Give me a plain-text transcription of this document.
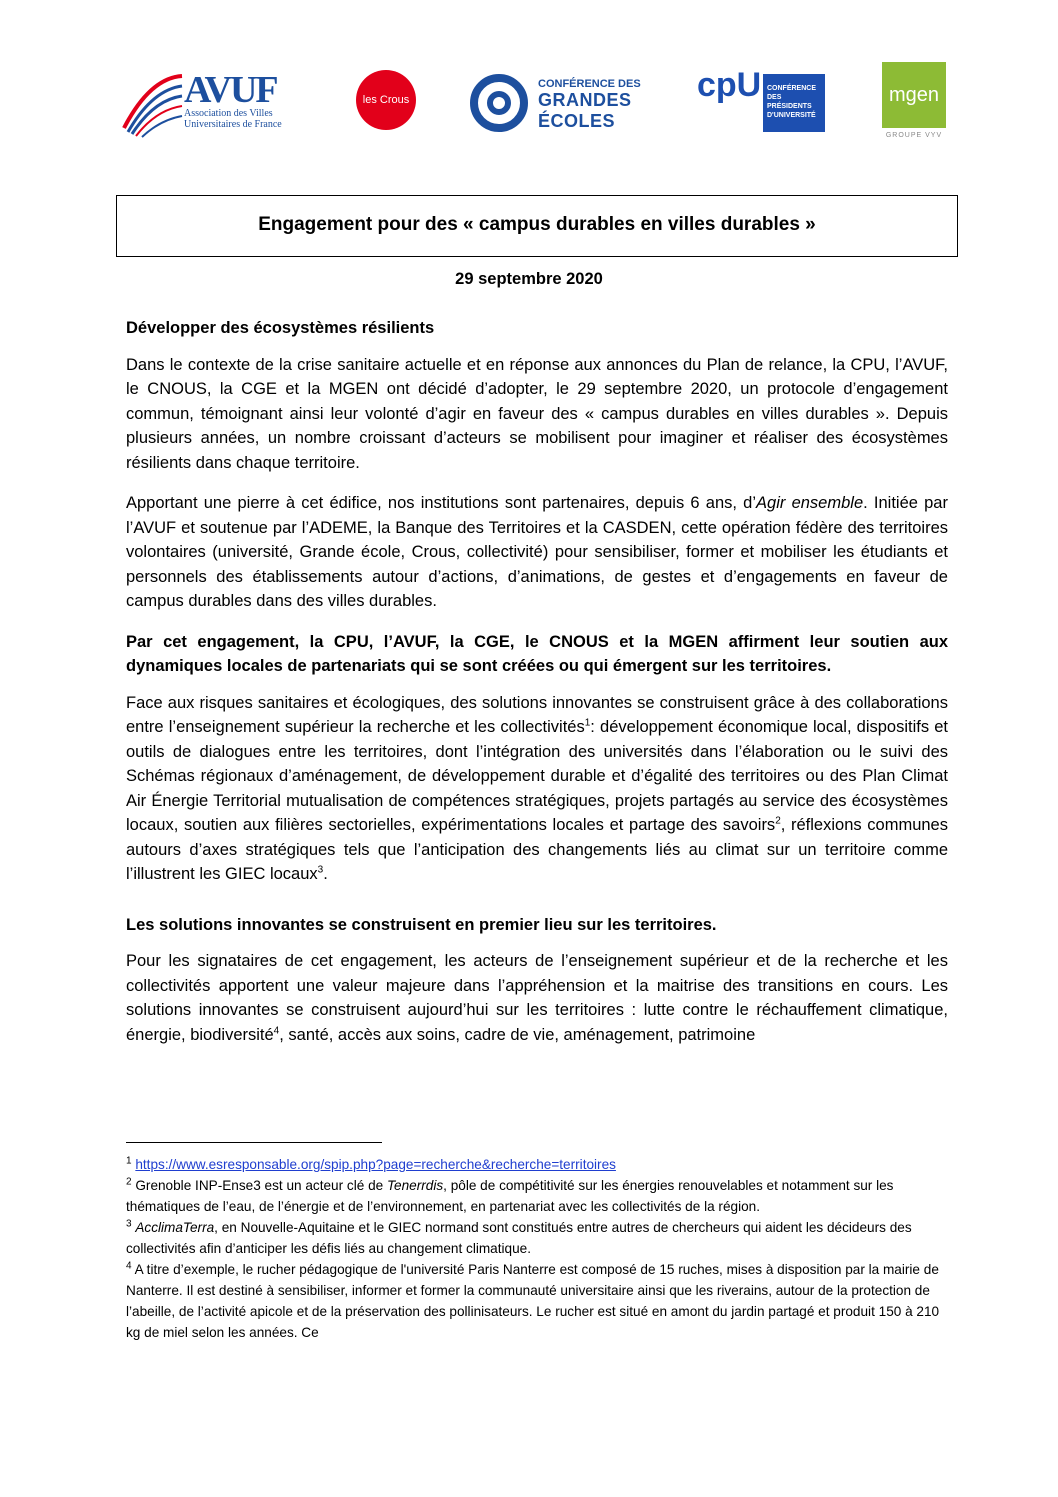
AVUF
Association des Villes
Universitaires de France
les Crous
CONFÉRENCE DES
GRANDES
ÉCOLES
cpU CONFÉRENCE DES PRÉSIDENTS D'UNIVERSITÉ
mgen
GROUPE VYV
Engagement pour des « campus durables en villes durables »
29 septembre 2020

Développer des écosystèmes résilients

Dans le contexte de la crise sanitaire actuelle et en réponse aux annonces du Plan de relance, la CPU, l’AVUF, le CNOUS, la CGE et la MGEN ont décidé d’adopter, le 29 septembre 2020, un protocole d’engagement commun, témoignant ainsi leur volonté d’agir en faveur des « campus durables en villes durables ». Depuis plusieurs années, un nombre croissant d’acteurs se mobilisent pour imaginer et réaliser des écosystèmes résilients dans chaque territoire.

Apportant une pierre à cet édifice, nos institutions sont partenaires, depuis 6 ans, d’Agir ensemble. Initiée par l’AVUF et soutenue par l’ADEME, la Banque des Territoires et la CASDEN, cette opération fédère des territoires volontaires (université, Grande école, Crous, collectivité) pour sensibiliser, former et mobiliser les étudiants et personnels des établissements autour d’actions, d’animations, de gestes et d’engagements en faveur de campus durables dans des villes durables.

Par cet engagement, la CPU, l’AVUF, la CGE, le CNOUS et la MGEN affirment leur soutien aux dynamiques locales de partenariats qui se sont créées ou qui émergent sur les territoires.

Face aux risques sanitaires et écologiques, des solutions innovantes se construisent grâce à des collaborations entre l’enseignement supérieur la recherche et les collectivités$^1$: développement économique local, dispositifs et outils de dialogues entre les territoires, dont l’intégration des universités dans l’élaboration ou le suivi des Schémas régionaux d’aménagement, de développement durable et d’égalité des territoires ou des Plan Climat Air Énergie Territorial mutualisation de compétences stratégiques, projets partagés au service des écosystèmes locaux, soutien aux filières sectorielles, expérimentations locales et partage des savoirs$^2$, réflexions communes autours d’axes stratégiques tels que l’anticipation des changements liés au climat sur un territoire comme l’illustrent les GIEC locaux$^3$.

Les solutions innovantes se construisent en premier lieu sur les territoires.

Pour les signataires de cet engagement, les acteurs de l’enseignement supérieur et de la recherche et les collectivités apportent une valeur majeure dans l’appréhension et la maitrise des transitions en cours. Les solutions innovantes se construisent aujourd’hui sur les territoires : lutte contre le réchauffement climatique, énergie, biodiversité$^4$, santé, accès aux soins, cadre de vie, aménagement, patrimoine

$^1$ https://www.esresponsable.org/spip.php?page=recherche&recherche=territoires

$^2$ Grenoble INP-Ense3 est un acteur clé de Tenerrdis, pôle de compétitivité sur les énergies renouvelables et notamment sur les thématiques de l’eau, de l’énergie et de l’environnement, en partenariat avec les collectivités de la région.

$^3$ AcclimaTerra, en Nouvelle-Aquitaine et le GIEC normand sont constitués entre autres de chercheurs qui aident les décideurs des collectivités afin d’anticiper les défis liés au changement climatique.

$^4$ A titre d’exemple, le rucher pédagogique de l'université Paris Nanterre est composé de 15 ruches, mises à disposition par la mairie de Nanterre. Il est destiné à sensibiliser, informer et former la communauté universitaire ainsi que les riverains, autour de la protection de l’abeille, de l’activité apicole et de la préservation des pollinisateurs. Le rucher est situé en amont du jardin partagé et produit 150 à 210 kg de miel selon les années. Ce
